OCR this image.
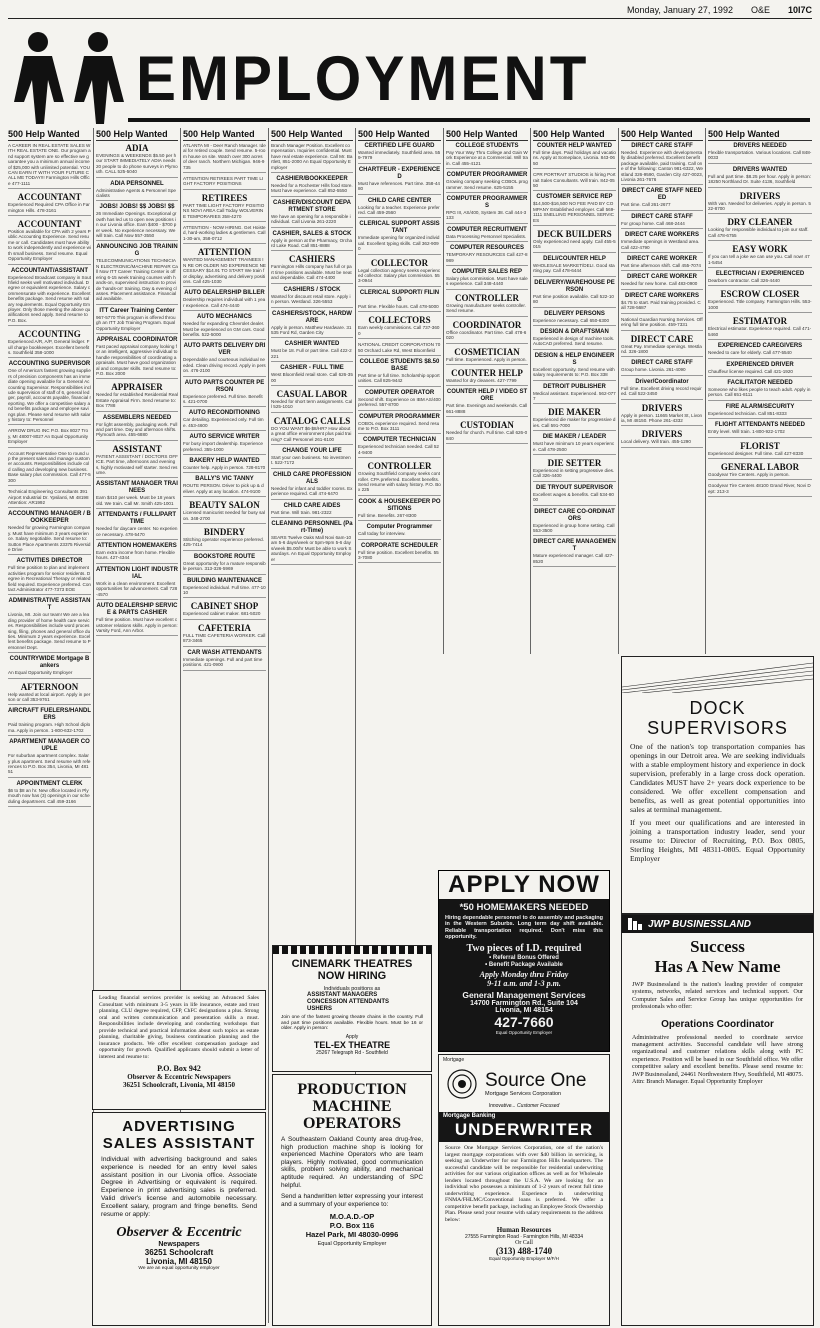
Monday, January 27, 1992 O&E 10I7C
EMPLOYMENT
500 Help Wanted
A CAREER IN REAL ESTATE SALES WITH REAL ESTATE ONE. Our program and support system are so effective we guarantee you a minimum annual income of $25,000 with unlimited potential. YOU CAN EARN IT WITH YOUR FUTURE CALL ME TODAY!!! Farmington Hills Office 477-1111
ACCOUNTANT
Experienced Required CPA Office in Farmington Hills. 478-3161
ACCOUNTANT
Position available for CPA with 2 years Public Accounting Experience. Send resume or call. Candidates must have ability to work independently and experience with small business. Send resume. Equal Opportunity Employer
ACCOUNTANT/ASSISTANT
Experienced Broadcast company in Southfield seeks well motivated individual. Degree or equivalent experience. Salary commensurate with experience. Excellent benefits package. Send resume with salary requirements. Equal Opportunity Employer. Only those meeting the above qualifications need apply. Send resume to P.O. Box.
ACCOUNTING
Experienced A/R, A/P, General ledger. Full charge bookkeeper. Excellent benefits. Southfield 358-1000
ACCOUNTING SUPERVISOR
One of America's fastest growing suppliers of precision components has an immediate opening available for a General Accounting Supervisor. Responsibilities include supervision of staff of 6, general ledger, payroll, accounts payable, financial reporting. We offer a competitive salary and benefits package and employee savings plan. Please send resume with salary history to: Personnel
ARROW DRUG INC P.O. Box 8027 Troy, MI 48007-8027 An Equal Opportunity Employer
Account Representative One to round up the present sales and manage customer accounts. Responsibilities include cold calling and developing new business. Base salary plus commission. Call 477-5300
Technical Engineering Consultants 391 Airport Industrial Dr. Ypsilanti, MI 48198 Attention: AR1992
ACCOUNTING MANAGER / BOOKKEEPER
Needed for growing Farmington company. Must have minimum 3 years experience. Salary negotiable. Send resume to: Sutton Place Apartments 23375 Riverside Drive
ACTIVITIES DIRECTOR
Full time position to plan and implement activities program for senior residents. Degree in Recreational Therapy or related field required. Experience preferred. Contact Administrator 477-7373 EOE
ADMINISTRATIVE ASSISTANT
Livonia, MI. Join our team! We are a leading provider of home health care services. Responsibilities include word processing, filing, phones and general office duties. Minimum 2 years experience. Excellent benefits package. Send resume to Personnel Dept.
COUNTRYWIDE Mortgage Bankers
An Equal Opportunity Employer
AFTERNOON
Help wanted at local airport. Apply in person or call 353-9761
AIRCRAFT FUELERS/HANDLERS
Paid training program. High School diploma. Apply in person. 1-800-632-1702
APARTMENT MANAGER COUPLE
For suburban apartment complex. Salary plus apartment. Send resume with references to P.O. Box 354, Livonia, MI 48151
APPOINTMENT CLERK
$6 to $8 an hr. New office located in Plymouth now has (3) openings in our scheduling department. Call 459-3166
500 Help Wanted
ADIA
EVENINGS & WEEKENDS $5.50 per hour START IMMEDIATELY ADIA needs 20 people to do phone surveys in Plymouth. CALL 525-5040
ADIA PERSONNEL
Administrative Agents & Personnel Specialists
JOBS! JOBS! $$ JOBS! $$
26 Immediate Openings. Exceptional growth has led us to open new positions in our Livonia office. Earn $400 - $700 per week. No experience necessary. We will train. Call Now 557-3550
ANNOUNCING JOB TRAINING
TELECOMMUNICATIONS TECHNICIAN ELECTRONIC/MACHINE REPAIR Call Now ITT Career Training Center is offering 6-15 week training courses with hands-on, supervised instruction to provide 'hands-on' training. Day & evening classes. Placement assistance. Financial aid available.
ITT Career Training Center
967-5770 This program is offered through an ITT Job Training Program. Equal Opportunity Employer
APPRAISAL COORDINATOR
Fast paced appraisal company looking for an intelligent, aggressive individual to handle responsibilities of coordinating appraisals. Must have good organizational and computer skills. Send resume to: P.O. Box 2000
APPRAISER
Needed for established Residential Real Estate Appraisal Firm. Send resume to: Box 7788
ASSEMBLERS NEEDED
For light assembly, packaging work. Full and part time. Day and afternoon shifts. Plymouth area. 455-6880
ASSISTANT
PATIENT ASSISTANT / DOCTORS OFFICE. Part time, afternoons and evenings, highly motivated self starter. Send resume.
ASSISTANT MANAGER TRAINEES
Earn $410 per week. Must be 18 years old. We train. Call Mr. Smith 425-1001
ATTENDANTS / FULL/PART TIME
Needed for daycare center. No experience necessary. 478-5470
ATTENTION HOMEMAKERS
Earn extra income from home. Flexible hours. 427-4344
ATTENTION LIGHT INDUSTRIAL
Work in a clean environment. Excellent opportunities for advancement. Call 728-4570
AUTO DEALERSHIP SERVICE & PARTS CASHIER
Full time position. Must have excellent customer relations skills. Apply in person: Varsity Ford, Ann Arbor.
500 Help Wanted
ATLANTA MI - Deer Ranch Manager. Ideal for retired couple. Send resume. 5-room house on site. Watch over 300 acres of deer ranch. Northern Michigan. 946-9735
ATTENTION RETIREES PART TIME LIGHT FACTORY POSITIONS
RETIREES
PART TIME LIGHT FACTORY POSITIONS NOVI AREA Call Today WOLVERINE TEMPORARIES 358-4270
ATTENTION - NOW HIRING. Get Hoisted, hard-working ladies & gentlemen. Call 1-30-am, 358-0712
ATTENTION
WANTED MANAGEMENT TRAINEES IN RE OR OLDER NO EXPERIENCE NECESSARY $14.91 TO START We train for display, advertising and delivery positions. Call 425-1030
AUTO DEALERSHIP BILLER
Dealership requires individual with 1 year experience. Call 474-4440
AUTO MECHANICS
Needed for expanding Chevrolet dealer. Must be experienced on GM cars. Good benefits. 522-5000
AUTO PARTS DELIVERY DRIVER
Dependable and courteous individual needed. Clean driving record. Apply in person. 476-2100
AUTO PARTS COUNTER PERSON
Experience preferred. Full time. Benefits. 421-0700
AUTO RECONDITIONING
Car detailing. Experienced only. Full time. 453-4600
AUTO SERVICE WRITER
For busy import dealership. Experience preferred. 355-1000
BAKERY HELP WANTED
Counter help. Apply in person. 728-8170
BALLY'S VIC TANNY
ROUTE PERSON. Driver to pick up & deliver. Apply at any location. 474-9100
BEAUTY SALON
Licensed manicurist needed for busy salon. 348-2700
BINDERY
Stitching operator experience preferred. 425-7414
BOOKSTORE ROUTE
Great opportunity for a mature responsible person. 313-326-5969
BUILDING MAINTENANCE
Experienced individual. Full time. 477-1010
CABINET SHOP
Experienced cabinet maker. 681-5020
CAFETERIA
FULL TIME CAFETERIA WORKER. Call 873-3465
CAR WASH ATTENDANTS
Immediate openings. Full and part time positions. 421-0900
500 Help Wanted
Branch Manager Position. Excellent compensation. Inquiries confidential. Must have real estate experience. Call Mr. Bartlett, 851-2000 An Equal Opportunity Employer
CASHIER/BOOKKEEPER
Needed for a Rochester Hills food store. Must have experience. Call 852-5550
CASHIER/DISCOUNT DEPARTMENT STORE
We have an opening for a responsible individual. Call Livonia 261-2220
CASHIER, SALES & STOCK
Apply in person at the Pharmacy, Orchard Lake Road. Call 851-8888
CASHIERS
Farmington Hills company has full or part time positions available. Must be neat and dependable. Call 474-4400
CASHIERS / STOCK
Wanted for discount retail store. Apply in person. Westland. 326-5553
CASHIERS/STOCK, HARDWARE
Apply in person. Matthew Hardware. 31535 Ford Rd, Garden City
CASHIER WANTED
Must be 18. Full or part time. Call 422-2221
CASHIER - FULL TIME
West Bloomfield retail store. Call 626-3500
CASUAL LABOR
Needed for short term assignments. Call 525-1010
CATALOG CALLS
DO YOU WANT $6-$8/HR? How about a great office environment plus paid training? Call Personnel 261-6100
CHANGE YOUR LIFE
Start your own business. No investment. 522-7172
CHILD CARE PROFESSIONALS
Needed for infant and toddler rooms. Experience required. Call 474-6470
CHILD CARE AIDES
Part time. Will train. 981-2322
CLEANING PERSONNEL (Part-Time)
SEARS Twelve Oaks Mall Novi 6am-10am 5-6 days/week or 5pm-9pm 5-6 days/week $5.00/hr Must be able to work Saturdays. An Equal Opportunity Employer
500 Help Wanted
CERTIFIED LIFE GUARD
Wanted immediately. Southfield area. 559-7979
CHARTFEUR - EXPERIENCED
Must have references. Part time. 358-4480
CHILD CARE CENTER
Looking for a teacher. Experience preferred. Call 459-2560
CLERICAL SUPPORT ASSISTANT
Immediate opening for organized individual. Excellent typing skills. Call 362-9090
COLLECTOR
Legal collection agency seeks experienced collector. Salary plus commission. 553-0944
CLERICAL SUPPORT/ FILING
Part time. Flexible hours. Call 478-5000
COLLECTORS
Earn weekly commissions. Call 737-3600
NATIONAL CREDIT CORPORATION 7050 Orchard Lake Rd, West Bloomfield
COLLEGE STUDENTS $8.50 BASE
Part time or full time. Scholarship opportunities. Call 825-9442
COMPUTER OPERATOR
Second shift. Experience on IBM AS/400 preferred. 557-8700
COMPUTER PROGRAMMER
COBOL experience required. Send resume to P.O. Box 3111
COMPUTER TECHNICIAN
Experienced technician needed. Call 524-9400
CONTROLLER
Growing Southfield company seeks controller. CPA preferred. Excellent benefits. Send resume with salary history. P.O. Box 225
COOK & HOUSEKEEPER POSITIONS
Full time. Benefits. 267-8300
Computer Programmer
Call today for interview.
CORPORATE SCHEDULER
Full time position. Excellent benefits. 553-7080
500 Help Wanted
COLLEGE STUDENTS
Pay Your Way Thru College and Gain Work Experience at a Commercial. Will train. Call 455-4121
COMPUTER PROGRAMMER
Growing company seeking COBOL programmer. Send resume. 625-5155
COMPUTER PROGRAMMERS
RPG III, AS/400, System 38. Call 444-3133
COMPUTER RECRUITMENT
Data Processing Personnel Specialists.
COMPUTER RESOURCES
TEMPORARY RESOURCES Call 427-8989
COMPUTER SALES REP
Salary plus commission. Must have sales experience. Call 348-4440
CONTROLLER
Growing manufacturer seeks controller. Send resume.
COORDINATOR
Office coordinator. Part time. Call 478-6020
COSMETICIAN
Full time. Experienced. Apply in person.
COUNTER HELP
Wanted for dry cleaners. 427-7799
COUNTER HELP / VIDEO STORE
Part time. Evenings and weekends. Call 661-8888
CUSTODIAN
Needed for church. Full time. Call 626-0840
500 Help Wanted
COUNTER HELP WANTED
Full time days. Paid holidays and vacations. Apply at Someplace, Livonia. 843-0650
CPR PORTRAIT STUDIOS is hiring Portrait Sales Consultants. Will train. 842-0550
CUSTOMER SERVICE REP
$14,500-$16,500 NO FEE PAID BY COMPANY Established employer. Call 569-1111 SNELLING PERSONNEL SERVICES
DECK BUILDERS
Only experienced need apply. Call 455-5015
DELI/COUNTER HELP
WHOLESALE MARKET/DELI. Good starting pay. Call 478-6444
DELIVERY/WAREHOUSE PERSON
Part time position available. Call 522-1080
DELIVERY PERSONS
Experience necessary. Call 650-6300
DESIGN & DRAFTSMAN
Experienced in design of machine tools. AutoCAD preferred. Send resume.
DESIGN & HELP ENGINEERS
Excellent opportunity. Send resume with salary requirements to: P.O. Box 338
DETROIT PUBLISHER
Medical assistant. Experienced. 562-0777
DIE MAKER
Experienced die maker for progressive dies. Call 591-7000
DIE MAKER / LEADER
Must have minimum 10 years experience. Call 478-2500
DIE SETTER
Experienced in setting progressive dies. Call 326-4400
DIE TRYOUT SUPERVISOR
Excellent wages & benefits. Call 534-8000
DIRECT CARE CO-ORDINATORS
Experienced in group home setting. Call 553-3500
DIRECT CARE MANAGEMENT
Mature experienced manager. Call 427-8520
500 Help Wanted
DIRECT CARE STAFF
Needed. Experience with developmentally disabled preferred. Excellent benefit package available, paid training. Call one of the following: Canton 981-6322, Westland 326-9590, Garden City 427-0023, Livonia 261-7676
DIRECT CARE STAFF NEEDED
Part time. Call 261-2677
DIRECT CARE STAFF
For group home. Call 468-2444
DIRECT CARE WORKERS
Immediate openings in Westland area. Call 422-4790
DIRECT CARE WORKER
Part time afternoon shift. Call 455-7074
DIRECT CARE WORKER
Needed for new home. Call 483-0900
DIRECT CARE WORKERS
$4.75 to start. Paid training provided. Call 728-5687
National Guardian Nursing Services. Offering full time position. 459-7331
DIRECT CARE
Great Pay. Immediate openings. Westland. 326-1800
DIRECT CARE STAFF
Group home. Livonia. 261-4090
Driver/Coordinator
Full time. Excellent driving record required. Call 522-3450
DRIVERS
Apply in person. 11665 Market St, Livonia, MI 48150. Phone 261-4332
DRIVERS
Local delivery. Will train. 455-1290
500 Help Wanted
DRIVERS NEEDED
Flexible transportation. Various locations. Call 848-0033
DRIVERS WANTED
Full and part time. $8.25 per hour. Apply in person: 18250 Northland Dr. Suite 4136, Southfield
DRIVERS
With van. Needed for deliveries. Apply in person. 522-8700
DRY CLEANER
Looking for responsible individual to join our staff. Call 478-6755
EASY WORK
If you can tell a joke we can use you. Call now! 471-5454
ELECTRICIAN / EXPERIENCED
Dearborn contractor. Call 326-4440
ESCROW CLOSER
Experienced. Title company. Farmington Hills. 553-1000
ESTIMATOR
Electrical estimator. Experience required. Call 471-5460
EXPERIENCED CAREGIVERS
Needed to care for elderly. Call 477-5540
EXPERIENCED DRIVER
Chauffeur license required. Call 421-1920
FACILITATOR NEEDED
Someone who likes people to teach adult. Apply in person. Call 651-8111
FIRE ALARM/SECURITY
Experienced technician. Call 851-8333
FLIGHT ATTENDANTS NEEDED
Entry level. Will train. 1-800-922-1702
FLORIST
Experienced designer. Full time. Call 427-8330
GENERAL LABOR
Goodyear Tire Centers. Apply in person.
Goodyear Tire Centers 48100 Grand River, Novi Dept: 213-3
DOCK SUPERVISORS
One of the nation's top transportation companies has openings in our Detroit area. We are seeking individuals with a stable employment history and experience in dock supervision, preferably in a large cross dock operation. Candidates MUST have 2+ years dock experience to be considered. We offer excellent compensation and benefits, as well as great potential opportunities into sales at terminal management.
If you meet our qualifications and are interested in joining a transportation industry leader, send your resume to: Director of Recruiting, P.O. Box 0805, Sterling Heights, MI 48311-0805. Equal Opportunity Employer
APPLY NOW
*50 HOMEMAKERS NEEDED
Hiring dependable personnel to do assembly and packaging in the Western Suburbs. Long term day shift available. Reliable transportation required. Don't miss this opportunity.
Two pieces of I.D. required
• Referral Bonus Offered
• Benefit Package Available
Apply Monday thru Friday
9-11 a.m. and 1-3 p.m.
General Management Services
14700 Farmington Rd., Suite 104
Livonia, MI 48154
427-7660
Equal Opportunity Employer
Mortgage
Source One
Mortgage Services Corporation
Innovative... Customer Focused
Mortgage Banking
UNDERWRITER
Source One Mortgage Services Corporation, one of the nation's largest mortgage corporations with over $40 billion in servicing, is seeking an Underwriter for our Farmington Hills headquarters. The successful candidate will be responsible for residential underwriting activities for our various origination offices as well as for Wholesale lenders located throughout the U.S.A. We are looking for an individual who possesses a minimum of 1-2 years of recent full time underwriting experience. Experience in underwriting FNMA/FHLMC/Conventional loans is preferred. We offer a competitive benefit package, including an Employee Stock Ownership Plan. Please send your resume with salary requirements to the address below:
Human Resources
27555 Farmington Road · Farmington Hills, MI 48334
Or Call
(313) 488-1740
Equal Opportunity Employer M/F/H
JWP BUSINESSLAND
Success
Has A New Name
JWP Businessland is the nation's leading provider of computer systems, networks, related services and technical support. Our Computer Sales and Service Group has unique opportunities for professionals who offer:
Operations Coordinator
Administrative professional needed to coordinate service management activities. Successful candidate will have strong organizational and customer relations skills along with PC experience. Position will be based in our Southfield office. We offer competitive salary and excellent benefits. Please send resume to: JWP Businessland, 24461 Northwestern Hwy, Southfield, MI 48075. Attn: Branch Manager. Equal Opportunity Employer
CINEMARK THEATRES NOW HIRING
Individuals positions as
ASSISTANT MANAGERS
CONCESSION ATTENDANTS
USHERS
Join one of the fastest growing theatre chains in the country. Full and part time positions available. Flexible hours. Must be 16 or older. Apply in person:
Apply
TEL-EX THEATRE
25267 Telegraph Rd - Southfield
Leading financial services provider is seeking an Advanced Sales Consultant with minimum 3-5 years in life insurance, estate and trust planning. CLU degree required, CFP, ChFC designations a plus. Strong oral and written communication and presentation skills a must. Responsibilities include developing and conducting workshops that provide technical and practical information about such topics as estate planning, charitable giving, business continuation planning and the insurance products. We offer excellent compensation package and opportunity for growth. Qualified applicants should submit a letter of interest and resume to:
P.O. Box 942
Observer & Eccentric Newspapers
36251 Schoolcraft, Livonia, MI 48150
ADVERTISING
SALES ASSISTANT
Individual with advertising background and sales experience is needed for an entry level sales assistant position in our Livonia office. Associate Degree in Advertising or equivalent is required. Experience in print advertising sales is preferred. Valid driver's license and automobile necessary. Excellent salary, program and fringe benefits. Send resume or apply:
Observer & Eccentric
Newspapers
36251 Schoolcraft
Livonia, MI 48150
We are an equal opportunity employer
PRODUCTION
MACHINE
OPERATORS
A Southeastern Oakland County area drug-free, high production machine shop is looking for experienced Machine Operators who are team players. Highly motivated, good communication skills, problem solving ability, and mechanical aptitude required. An understanding of SPC helpful.
Send a handwritten letter expressing your interest and a summary of your experience to:
M.O.A.D.-OP
P.O. Box 116
Hazel Park, MI 48030-0996
Equal Opportunity Employer
